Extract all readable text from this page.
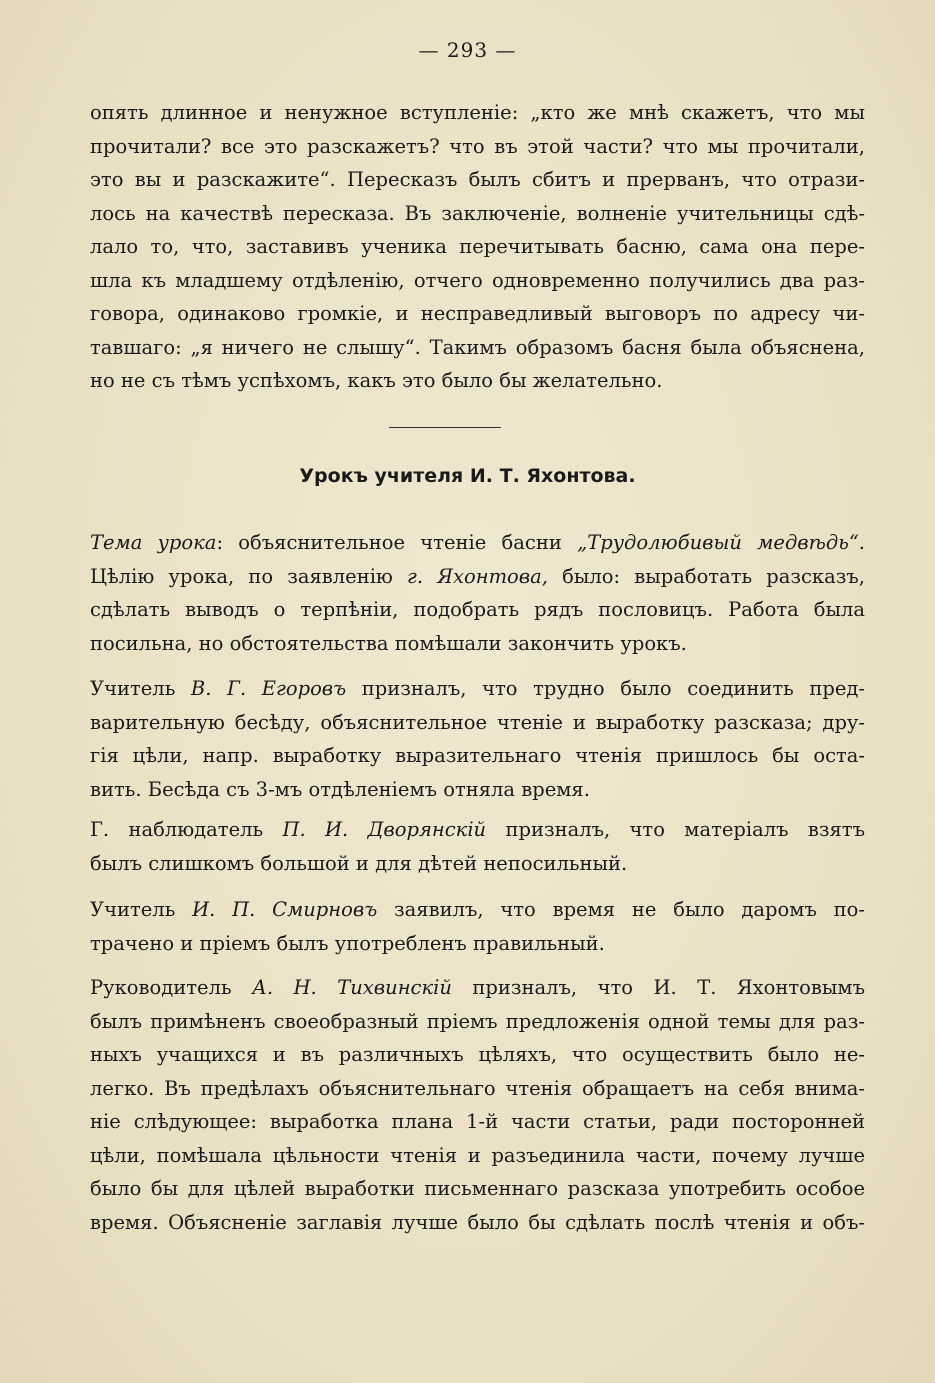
— 293 —
опять длинное и ненужное вступленіе: „кто же мнѣ скажетъ, что мы
прочитали? все это разскажетъ? что въ этой части? что мы прочитали,
это вы и разскажите“. Пересказъ былъ сбитъ и прерванъ, что отрази-
лось на качествѣ пересказа. Въ заключеніе, волненіе учительницы сдѣ-
лало то, что, заставивъ ученика перечитывать басню, сама она пере-
шла къ младшему отдѣленію, отчего одновременно получились два раз-
говора, одинаково громкіе, и несправедливый выговоръ по адресу чи-
тавшаго: „я ничего не слышу“. Такимъ образомъ басня была объяснена,
но не съ тѣмъ успѣхомъ, какъ это было бы желательно.
Урокъ учителя И. Т. Яхонтова.
Тема урока: объяснительное чтеніе басни „Трудолюбивый медвѣдь“.
Цѣлію урока, по заявленію г. Яхонтова, было: выработать разсказъ,
сдѣлать выводъ о терпѣніи, подобрать рядъ пословицъ. Работа была
посильна, но обстоятельства помѣшали закончить урокъ.
Учитель В. Г. Егоровъ призналъ, что трудно было соединить пред-
варительную бесѣду, объяснительное чтеніе и выработку разсказа; дру-
гія цѣли, напр. выработку выразительнаго чтенія пришлось бы оста-
вить. Бесѣда съ 3-мъ отдѣленіемъ отняла время.
Г. наблюдатель П. И. Дворянскій призналъ, что матеріалъ взятъ
былъ слишкомъ большой и для дѣтей непосильный.
Учитель И. П. Смирновъ заявилъ, что время не было даромъ по-
трачено и пріемъ былъ употребленъ правильный.
Руководитель А. Н. Тихвинскій призналъ, что И. Т. Яхонтовымъ
былъ примѣненъ своеобразный пріемъ предложенія одной темы для раз-
ныхъ учащихся и въ различныхъ цѣляхъ, что осуществить было не-
легко. Въ предѣлахъ объяснительнаго чтенія обращаетъ на себя внима-
ніе слѣдующее: выработка плана 1-й части статьи, ради посторонней
цѣли, помѣшала цѣльности чтенія и разъединила части, почему лучше
было бы для цѣлей выработки письменнаго разсказа употребить особое
время. Объясненіе заглавія лучше было бы сдѣлать послѣ чтенія и объ-
